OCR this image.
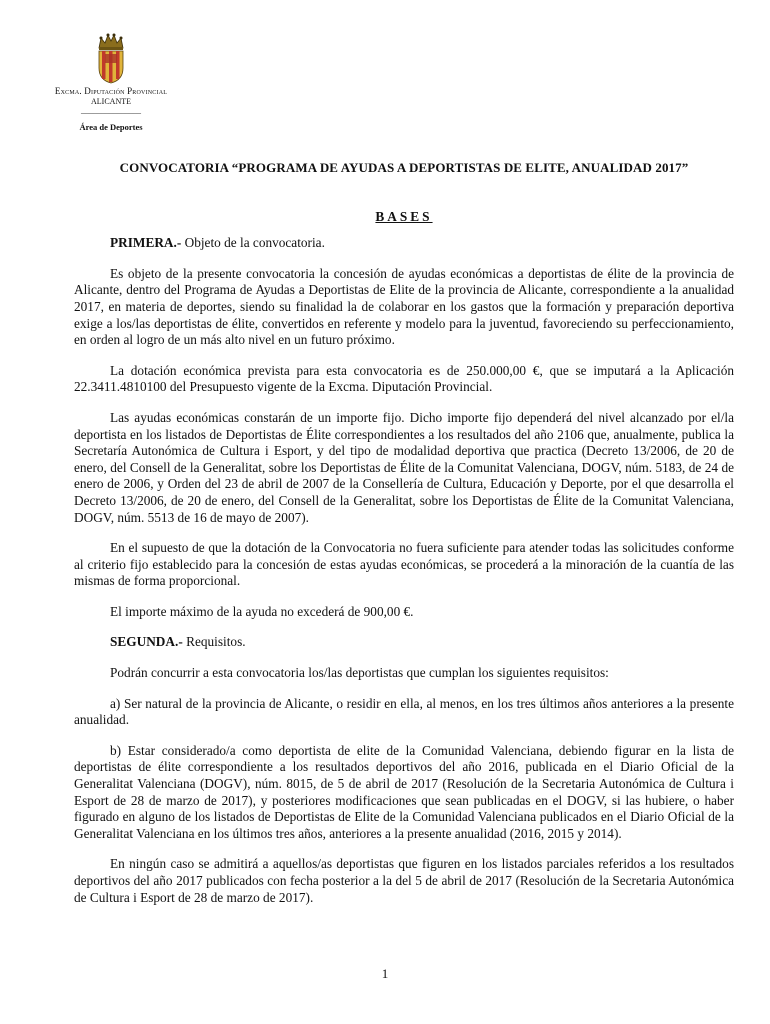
Excma. Diputación Provincial
ALICANTE
_______________
Área de Deportes
CONVOCATORIA “PROGRAMA DE AYUDAS A DEPORTISTAS DE ELITE, ANUALIDAD 2017”
BASES

PRIMERA.- Objeto de la convocatoria.

Es objeto de la presente convocatoria la concesión de ayudas económicas a deportistas de élite de la provincia de Alicante, dentro del Programa de Ayudas a Deportistas de Elite de la provincia de Alicante, correspondiente a la anualidad 2017, en materia de deportes, siendo su finalidad la de colaborar en los gastos que la formación y preparación deportiva exige a los/las deportistas de élite, convertidos en referente y modelo para la juventud, favoreciendo su perfeccionamiento, en orden al logro de un más alto nivel en un futuro próximo.

La dotación económica prevista para esta convocatoria es de 250.000,00 €, que se imputará a la Aplicación 22.3411.4810100 del Presupuesto vigente de la Excma. Diputación Provincial.

Las ayudas económicas constarán de un importe fijo. Dicho importe fijo dependerá del nivel alcanzado por el/la deportista en los listados de Deportistas de Élite correspondientes a los resultados del año 2106 que, anualmente, publica la Secretaría Autonómica de Cultura i Esport, y del tipo de modalidad deportiva que practica (Decreto 13/2006, de 20 de enero, del Consell de la Generalitat, sobre los Deportistas de Élite de la Comunitat Valenciana, DOGV, núm. 5183, de 24 de enero de 2006, y Orden del 23 de abril de 2007 de la Consellería de Cultura, Educación y Deporte, por el que desarrolla el Decreto 13/2006, de 20 de enero, del Consell de la Generalitat, sobre los Deportistas de Élite de la Comunitat Valenciana, DOGV, núm. 5513 de 16 de mayo de 2007).

En el supuesto de que la dotación de la Convocatoria no fuera suficiente para atender todas las solicitudes conforme al criterio fijo establecido para la concesión de estas ayudas económicas, se procederá a la minoración de la cuantía de las mismas de forma proporcional.

El importe máximo de la ayuda no excederá de 900,00 €.

SEGUNDA.- Requisitos.

Podrán concurrir a esta convocatoria los/las deportistas que cumplan los siguientes requisitos:

a) Ser natural de la provincia de Alicante, o residir en ella, al menos, en los tres últimos años anteriores a la presente anualidad.

b) Estar considerado/a como deportista de elite de la Comunidad Valenciana, debiendo figurar en la lista de deportistas de élite correspondiente a los resultados deportivos del año 2016, publicada en el Diario Oficial de la Generalitat Valenciana (DOGV), núm. 8015, de 5 de abril de 2017 (Resolución de la Secretaria Autonómica de Cultura i Esport de 28 de marzo de 2017), y posteriores modificaciones que sean publicadas en el DOGV, si las hubiere, o haber figurado en alguno de los listados de Deportistas de Elite de la Comunidad Valenciana publicados en el Diario Oficial de la Generalitat Valenciana en los últimos tres años, anteriores a la presente anualidad (2016, 2015 y 2014).

En ningún caso se admitirá a aquellos/as deportistas que figuren en los listados parciales referidos a los resultados deportivos del año 2017 publicados con fecha posterior a la del 5 de abril de 2017 (Resolución de la Secretaria Autonómica de Cultura i Esport de 28 de marzo de 2017).

1
